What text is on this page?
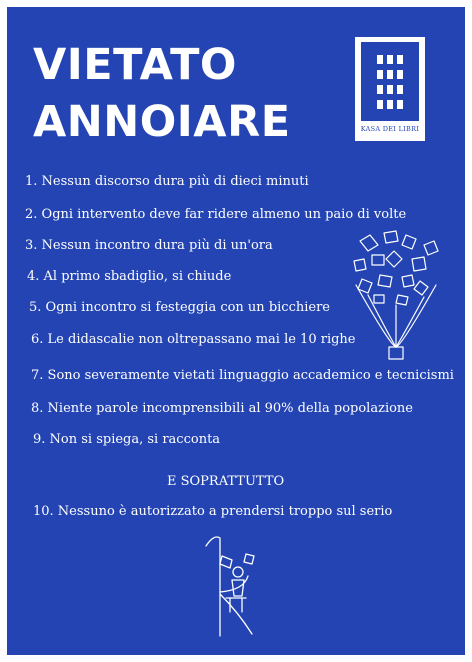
VIETATO
ANNOIARE	KASA DEI LIBRI
1. Nessun discorso dura più di dieci minuti
2. Ogni intervento deve far ridere almeno un paio di volte
3. Nessun incontro dura più di un'ora
4. Al primo sbadiglio, si chiude
5. Ogni incontro si festeggia con un bicchiere
6. Le didascalie non oltrepassano mai le 10 righe
7. Sono severamente vietati linguaggio accademico e tecnicismi
8. Niente parole incomprensibili al 90% della popolazione
9. Non si spiega, si racconta
10. Nessuno è autorizzato a prendersi troppo sul serio
E SOPRATTUTTO
